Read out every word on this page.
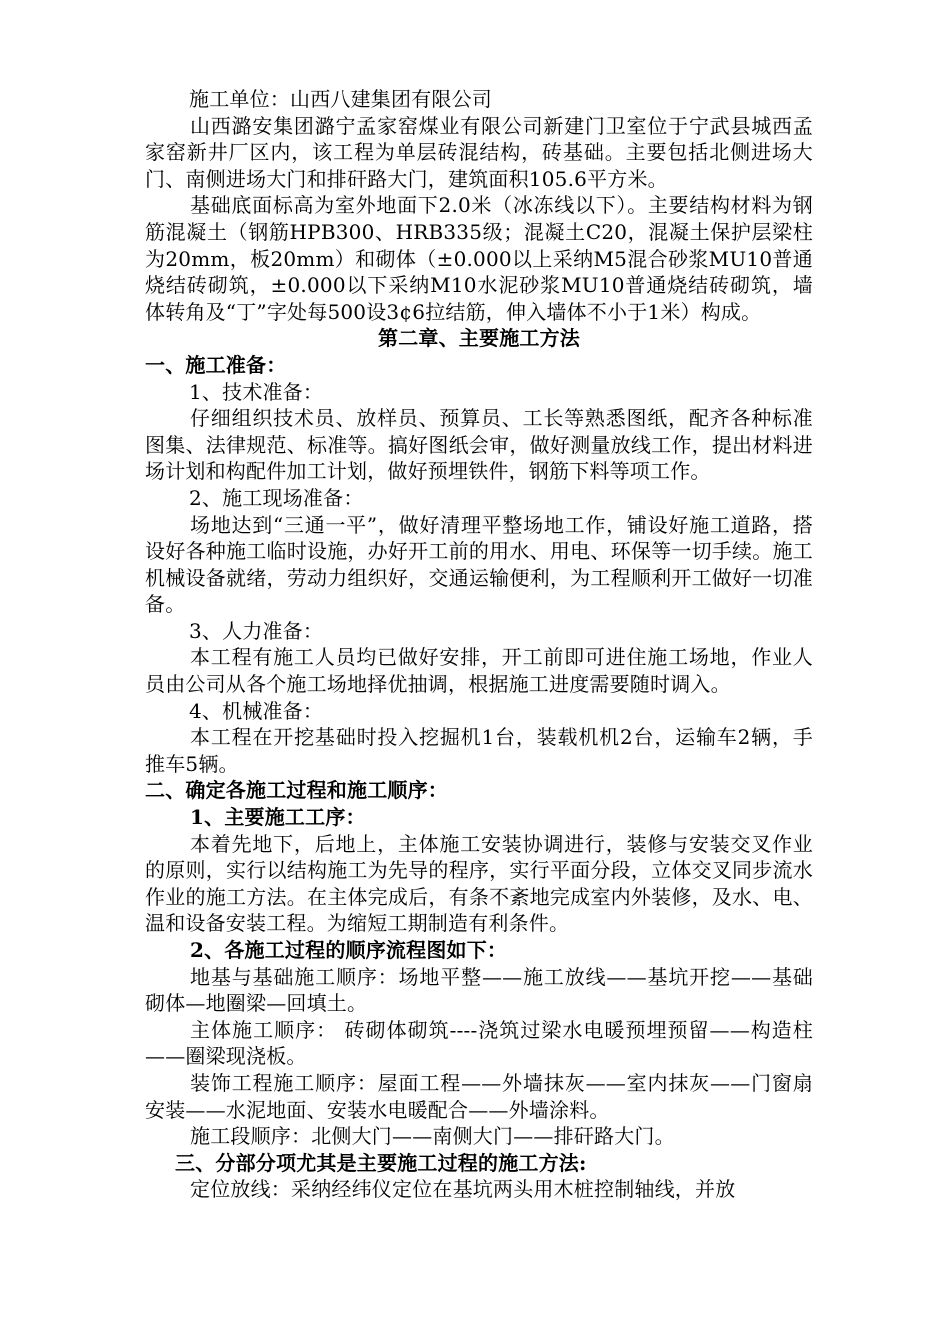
施工单位：山西八建集团有限公司

山西潞安集团潞宁孟家窑煤业有限公司新建门卫室位于宁武县城西孟家窑新井厂区内，该工程为单层砖混结构，砖基础。主要包括北侧进场大门、南侧进场大门和排矸路大门，建筑面积105.6平方米。

基础底面标高为室外地面下2.0米（冰冻线以下）。主要结构材料为钢筋混凝土（钢筋HPB300、HRB335级；混凝土C20，混凝土保护层梁柱为20mm，板20mm）和砌体（±0.000以上采纳M5混合砂浆MU10普通烧结砖砌筑，±0.000以下采纳M10水泥砂浆MU10普通烧结砖砌筑，墙体转角及“丁”字处每500设3¢6拉结筋，伸入墙体不小于1米）构成。

第二章、主要施工方法

一、施工准备：

1、技术准备：

仔细组织技术员、放样员、预算员、工长等熟悉图纸，配齐各种标准图集、法律规范、标准等。搞好图纸会审，做好测量放线工作，提出材料进场计划和构配件加工计划，做好预埋铁件，钢筋下料等项工作。

2、施工现场准备：

场地达到“三通一平”，做好清理平整场地工作，铺设好施工道路，搭设好各种施工临时设施，办好开工前的用水、用电、环保等一切手续。施工机械设备就绪，劳动力组织好，交通运输便利，为工程顺利开工做好一切准备。

3、人力准备：

本工程有施工人员均已做好安排，开工前即可进住施工场地，作业人员由公司从各个施工场地择优抽调，根据施工进度需要随时调入。

4、机械准备：

本工程在开挖基础时投入挖掘机1台，装载机机2台，运输车2辆，手推车5辆。

二、确定各施工过程和施工顺序：

1、主要施工工序：

本着先地下，后地上，主体施工安装协调进行，装修与安装交叉作业的原则，实行以结构施工为先导的程序，实行平面分段，立体交叉同步流水作业的施工方法。在主体完成后，有条不紊地完成室内外装修，及水、电、温和设备安装工程。为缩短工期制造有利条件。

2、各施工过程的顺序流程图如下：

地基与基础施工顺序：场地平整——施工放线——基坑开挖——基础砌体—地圈梁—回填土。

主体施工顺序： 砖砌体砌筑----浇筑过梁水电暖预埋预留——构造柱——圈梁现浇板。

装饰工程施工顺序：屋面工程——外墙抹灰——室内抹灰——门窗扇安装——水泥地面、安装水电暖配合——外墙涂料。

施工段顺序：北侧大门——南侧大门——排矸路大门。

三、分部分项尤其是主要施工过程的施工方法:

定位放线：采纳经纬仪定位在基坑两头用木桩控制轴线，并放
